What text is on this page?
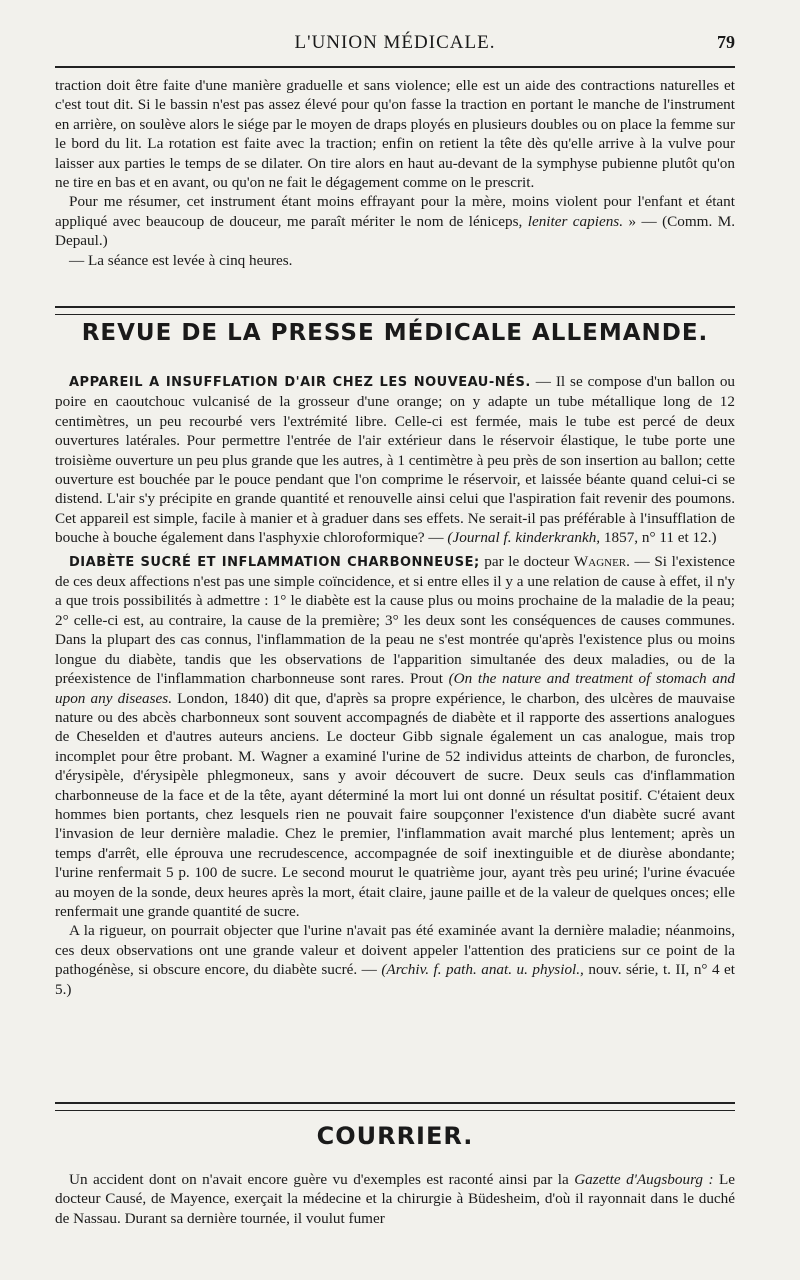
L'UNION MÉDICALE.	79

traction doit être faite d'une manière graduelle et sans violence; elle est un aide des contractions naturelles et c'est tout dit. Si le bassin n'est pas assez élevé pour qu'on fasse la traction en portant le manche de l'instrument en arrière, on soulève alors le siége par le moyen de draps ployés en plusieurs doubles ou on place la femme sur le bord du lit. La rotation est faite avec la traction; enfin on retient la tête dès qu'elle arrive à la vulve pour laisser aux parties le temps de se dilater. On tire alors en haut au-devant de la symphyse pubienne plutôt qu'on ne tire en bas et en avant, ou qu'on ne fait le dégagement comme on le prescrit.

Pour me résumer, cet instrument étant moins effrayant pour la mère, moins violent pour l'enfant et étant appliqué avec beaucoup de douceur, me paraît mériter le nom de léniceps, leniter capiens. » — (Comm. M. Depaul.)

— La séance est levée à cinq heures.

REVUE DE LA PRESSE MÉDICALE ALLEMANDE.

APPAREIL A INSUFFLATION D'AIR CHEZ LES NOUVEAU-NÉS. — Il se compose d'un ballon ou poire en caoutchouc vulcanisé de la grosseur d'une orange; on y adapte un tube métallique long de 12 centimètres, un peu recourbé vers l'extrémité libre. Celle-ci est fermée, mais le tube est percé de deux ouvertures latérales. Pour permettre l'entrée de l'air extérieur dans le réservoir élastique, le tube porte une troisième ouverture un peu plus grande que les autres, à 1 centimètre à peu près de son insertion au ballon; cette ouverture est bouchée par le pouce pendant que l'on comprime le réservoir, et laissée béante quand celui-ci se distend. L'air s'y précipite en grande quantité et renouvelle ainsi celui que l'aspiration fait revenir des poumons. Cet appareil est simple, facile à manier et à graduer dans ses effets. Ne serait-il pas préférable à l'insufflation de bouche à bouche également dans l'asphyxie chloroformique? — (Journal f. kinderkrankh, 1857, n° 11 et 12.)

DIABÈTE SUCRÉ ET INFLAMMATION CHARBONNEUSE; par le docteur Wagner. — Si l'existence de ces deux affections n'est pas une simple coïncidence, et si entre elles il y a une relation de cause à effet, il n'y a que trois possibilités à admettre : 1° le diabète est la cause plus ou moins prochaine de la maladie de la peau; 2° celle-ci est, au contraire, la cause de la première; 3° les deux sont les conséquences de causes communes. Dans la plupart des cas connus, l'inflammation de la peau ne s'est montrée qu'après l'existence plus ou moins longue du diabète, tandis que les observations de l'apparition simultanée des deux maladies, ou de la préexistence de l'inflammation charbonneuse sont rares. Prout (On the nature and treatment of stomach and upon any diseases. London, 1840) dit que, d'après sa propre expérience, le charbon, des ulcères de mauvaise nature ou des abcès charbonneux sont souvent accompagnés de diabète et il rapporte des assertions analogues de Cheselden et d'autres auteurs anciens. Le docteur Gibb signale également un cas analogue, mais trop incomplet pour être probant. M. Wagner a examiné l'urine de 52 individus atteints de charbon, de furoncles, d'érysipèle, d'érysipèle phlegmoneux, sans y avoir découvert de sucre. Deux seuls cas d'inflammation charbonneuse de la face et de la tête, ayant déterminé la mort lui ont donné un résultat positif. C'étaient deux hommes bien portants, chez lesquels rien ne pouvait faire soupçonner l'existence d'un diabète sucré avant l'invasion de leur dernière maladie. Chez le premier, l'inflammation avait marché plus lentement; après un temps d'arrêt, elle éprouva une recrudescence, accompagnée de soif inextinguible et de diurèse abondante; l'urine renfermait 5 p. 100 de sucre. Le second mourut le quatrième jour, ayant très peu uriné; l'urine évacuée au moyen de la sonde, deux heures après la mort, était claire, jaune paille et de la valeur de quelques onces; elle renfermait une grande quantité de sucre.

A la rigueur, on pourrait objecter que l'urine n'avait pas été examinée avant la dernière maladie; néanmoins, ces deux observations ont une grande valeur et doivent appeler l'attention des praticiens sur ce point de la pathogénèse, si obscure encore, du diabète sucré. — (Archiv. f. path. anat. u. physiol., nouv. série, t. II, n° 4 et 5.)

COURRIER.

Un accident dont on n'avait encore guère vu d'exemples est raconté ainsi par la Gazette d'Augsbourg : Le docteur Causé, de Mayence, exerçait la médecine et la chirurgie à Büdesheim, d'où il rayonnait dans le duché de Nassau. Durant sa dernière tournée, il voulut fumer
